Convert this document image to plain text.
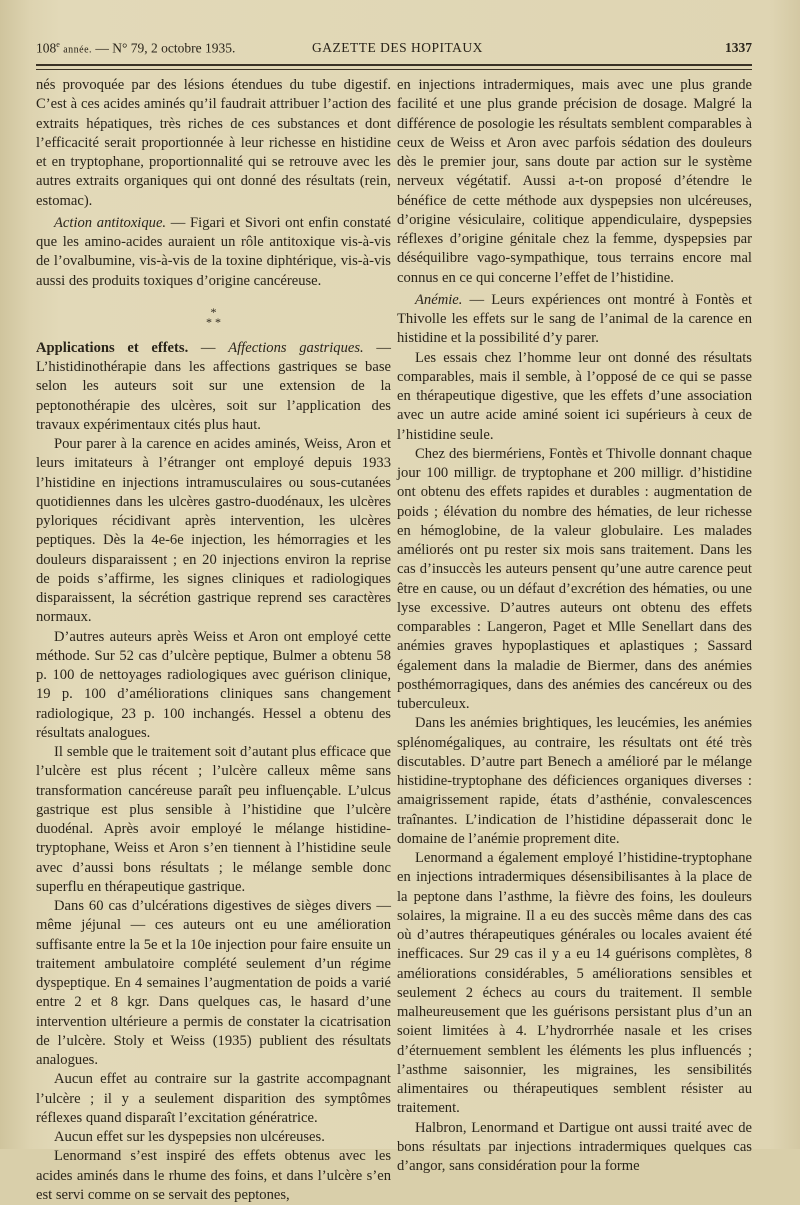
108e année. — N° 79, 2 octobre 1935.	GAZETTE DES HOPITAUX	1337

nés provoquée par des lésions étendues du tube digestif. C’est à ces acides aminés qu’il faudrait attribuer l’action des extraits hépatiques, très riches de ces substances et dont l’efficacité serait proportionnée à leur richesse en histidine et en tryptophane, proportionnalité qui se retrouve avec les autres extraits organiques qui ont donné des résultats (rein, estomac).

Action antitoxique. — Figari et Sivori ont enfin constaté que les amino-acides auraient un rôle antitoxique vis-à-vis de l’ovalbumine, vis-à-vis de la toxine diphtérique, vis-à-vis aussi des produits toxiques d’origine cancéreuse.

*
* *

Applications et effets. — Affections gastriques. — L’histidinothérapie dans les affections gastriques se base selon les auteurs soit sur une extension de la peptonothérapie des ulcères, soit sur l’application des travaux expérimentaux cités plus haut.

Pour parer à la carence en acides aminés, Weiss, Aron et leurs imitateurs à l’étranger ont employé depuis 1933 l’histidine en injections intramusculaires ou sous-cutanées quotidiennes dans les ulcères gastro-duodénaux, les ulcères pyloriques récidivant après intervention, les ulcères peptiques. Dès la 4e-6e injection, les hémorragies et les douleurs disparaissent ; en 20 injections environ la reprise de poids s’affirme, les signes cliniques et radiologiques disparaissent, la sécrétion gastrique reprend ses caractères normaux.

D’autres auteurs après Weiss et Aron ont employé cette méthode. Sur 52 cas d’ulcère peptique, Bulmer a obtenu 58 p. 100 de nettoyages radiologiques avec guérison clinique, 19 p. 100 d’améliorations cliniques sans changement radiologique, 23 p. 100 inchangés. Hessel a obtenu des résultats analogues.

Il semble que le traitement soit d’autant plus efficace que l’ulcère est plus récent ; l’ulcère calleux même sans transformation cancéreuse paraît peu influençable. L’ulcus gastrique est plus sensible à l’histidine que l’ulcère duodénal. Après avoir employé le mélange histidine-tryptophane, Weiss et Aron s’en tiennent à l’histidine seule avec d’aussi bons résultats ; le mélange semble donc superflu en thérapeutique gastrique.

Dans 60 cas d’ulcérations digestives de sièges divers — même jéjunal — ces auteurs ont eu une amélioration suffisante entre la 5e et la 10e injection pour faire ensuite un traitement ambulatoire complété seulement d’un régime dyspeptique. En 4 semaines l’augmentation de poids a varié entre 2 et 8 kgr. Dans quelques cas, le hasard d’une intervention ultérieure a permis de constater la cicatrisation de l’ulcère. Stoly et Weiss (1935) publient des résultats analogues.

Aucun effet au contraire sur la gastrite accompagnant l’ulcère ; il y a seulement disparition des symptômes réflexes quand disparaît l’excitation génératrice.

Aucun effet sur les dyspepsies non ulcéreuses.

Lenormand s’est inspiré des effets obtenus avec les acides aminés dans le rhume des foins, et dans l’ulcère s’en est servi comme on se servait des peptones,

en injections intradermiques, mais avec une plus grande facilité et une plus grande précision de dosage. Malgré la différence de posologie les résultats semblent comparables à ceux de Weiss et Aron avec parfois sédation des douleurs dès le premier jour, sans doute par action sur le système nerveux végétatif. Aussi a-t-on proposé d’étendre le bénéfice de cette méthode aux dyspepsies non ulcéreuses, d’origine vésiculaire, colitique appendiculaire, dyspepsies réflexes d’origine génitale chez la femme, dyspepsies par déséquilibre vago-sympathique, tous terrains encore mal connus en ce qui concerne l’effet de l’histidine.

Anémie. — Leurs expériences ont montré à Fontès et Thivolle les effets sur le sang de l’animal de la carence en histidine et la possibilité d’y parer.

Les essais chez l’homme leur ont donné des résultats comparables, mais il semble, à l’opposé de ce qui se passe en thérapeutique digestive, que les effets d’une association avec un autre acide aminé soient ici supérieurs à ceux de l’histidine seule.

Chez des biermériens, Fontès et Thivolle donnant chaque jour 100 milligr. de tryptophane et 200 milligr. d’histidine ont obtenu des effets rapides et durables : augmentation de poids ; élévation du nombre des hématies, de leur richesse en hémoglobine, de la valeur globulaire. Les malades améliorés ont pu rester six mois sans traitement. Dans les cas d’insuccès les auteurs pensent qu’une autre carence peut être en cause, ou un défaut d’excrétion des hématies, ou une lyse excessive. D’autres auteurs ont obtenu des effets comparables : Langeron, Paget et Mlle Senellart dans des anémies graves hypoplastiques et aplastiques ; Sassard également dans la maladie de Biermer, dans des anémies posthémorragiques, dans des anémies des cancéreux ou des tuberculeux.

Dans les anémies brightiques, les leucémies, les anémies splénomégaliques, au contraire, les résultats ont été très discutables. D’autre part Benech a amélioré par le mélange histidine-tryptophane des déficiences organiques diverses : amaigrissement rapide, états d’asthénie, convalescences traînantes. L’indication de l’histidine dépasserait donc le domaine de l’anémie proprement dite.

Lenormand a également employé l’histidine-tryptophane en injections intradermiques désensibilisantes à la place de la peptone dans l’asthme, la fièvre des foins, les douleurs solaires, la migraine. Il a eu des succès même dans des cas où d’autres thérapeutiques générales ou locales avaient été inefficaces. Sur 29 cas il y a eu 14 guérisons complètes, 8 améliorations considérables, 5 améliorations sensibles et seulement 2 échecs au cours du traitement. Il semble malheureusement que les guérisons persistant plus d’un an soient limitées à 4. L’hydrorrhée nasale et les crises d’éternuement semblent les éléments les plus influencés ; l’asthme saisonnier, les migraines, les sensibilités alimentaires ou thérapeutiques semblent résister au traitement.

Halbron, Lenormand et Dartigue ont aussi traité avec de bons résultats par injections intradermiques quelques cas d’angor, sans considération pour la forme
